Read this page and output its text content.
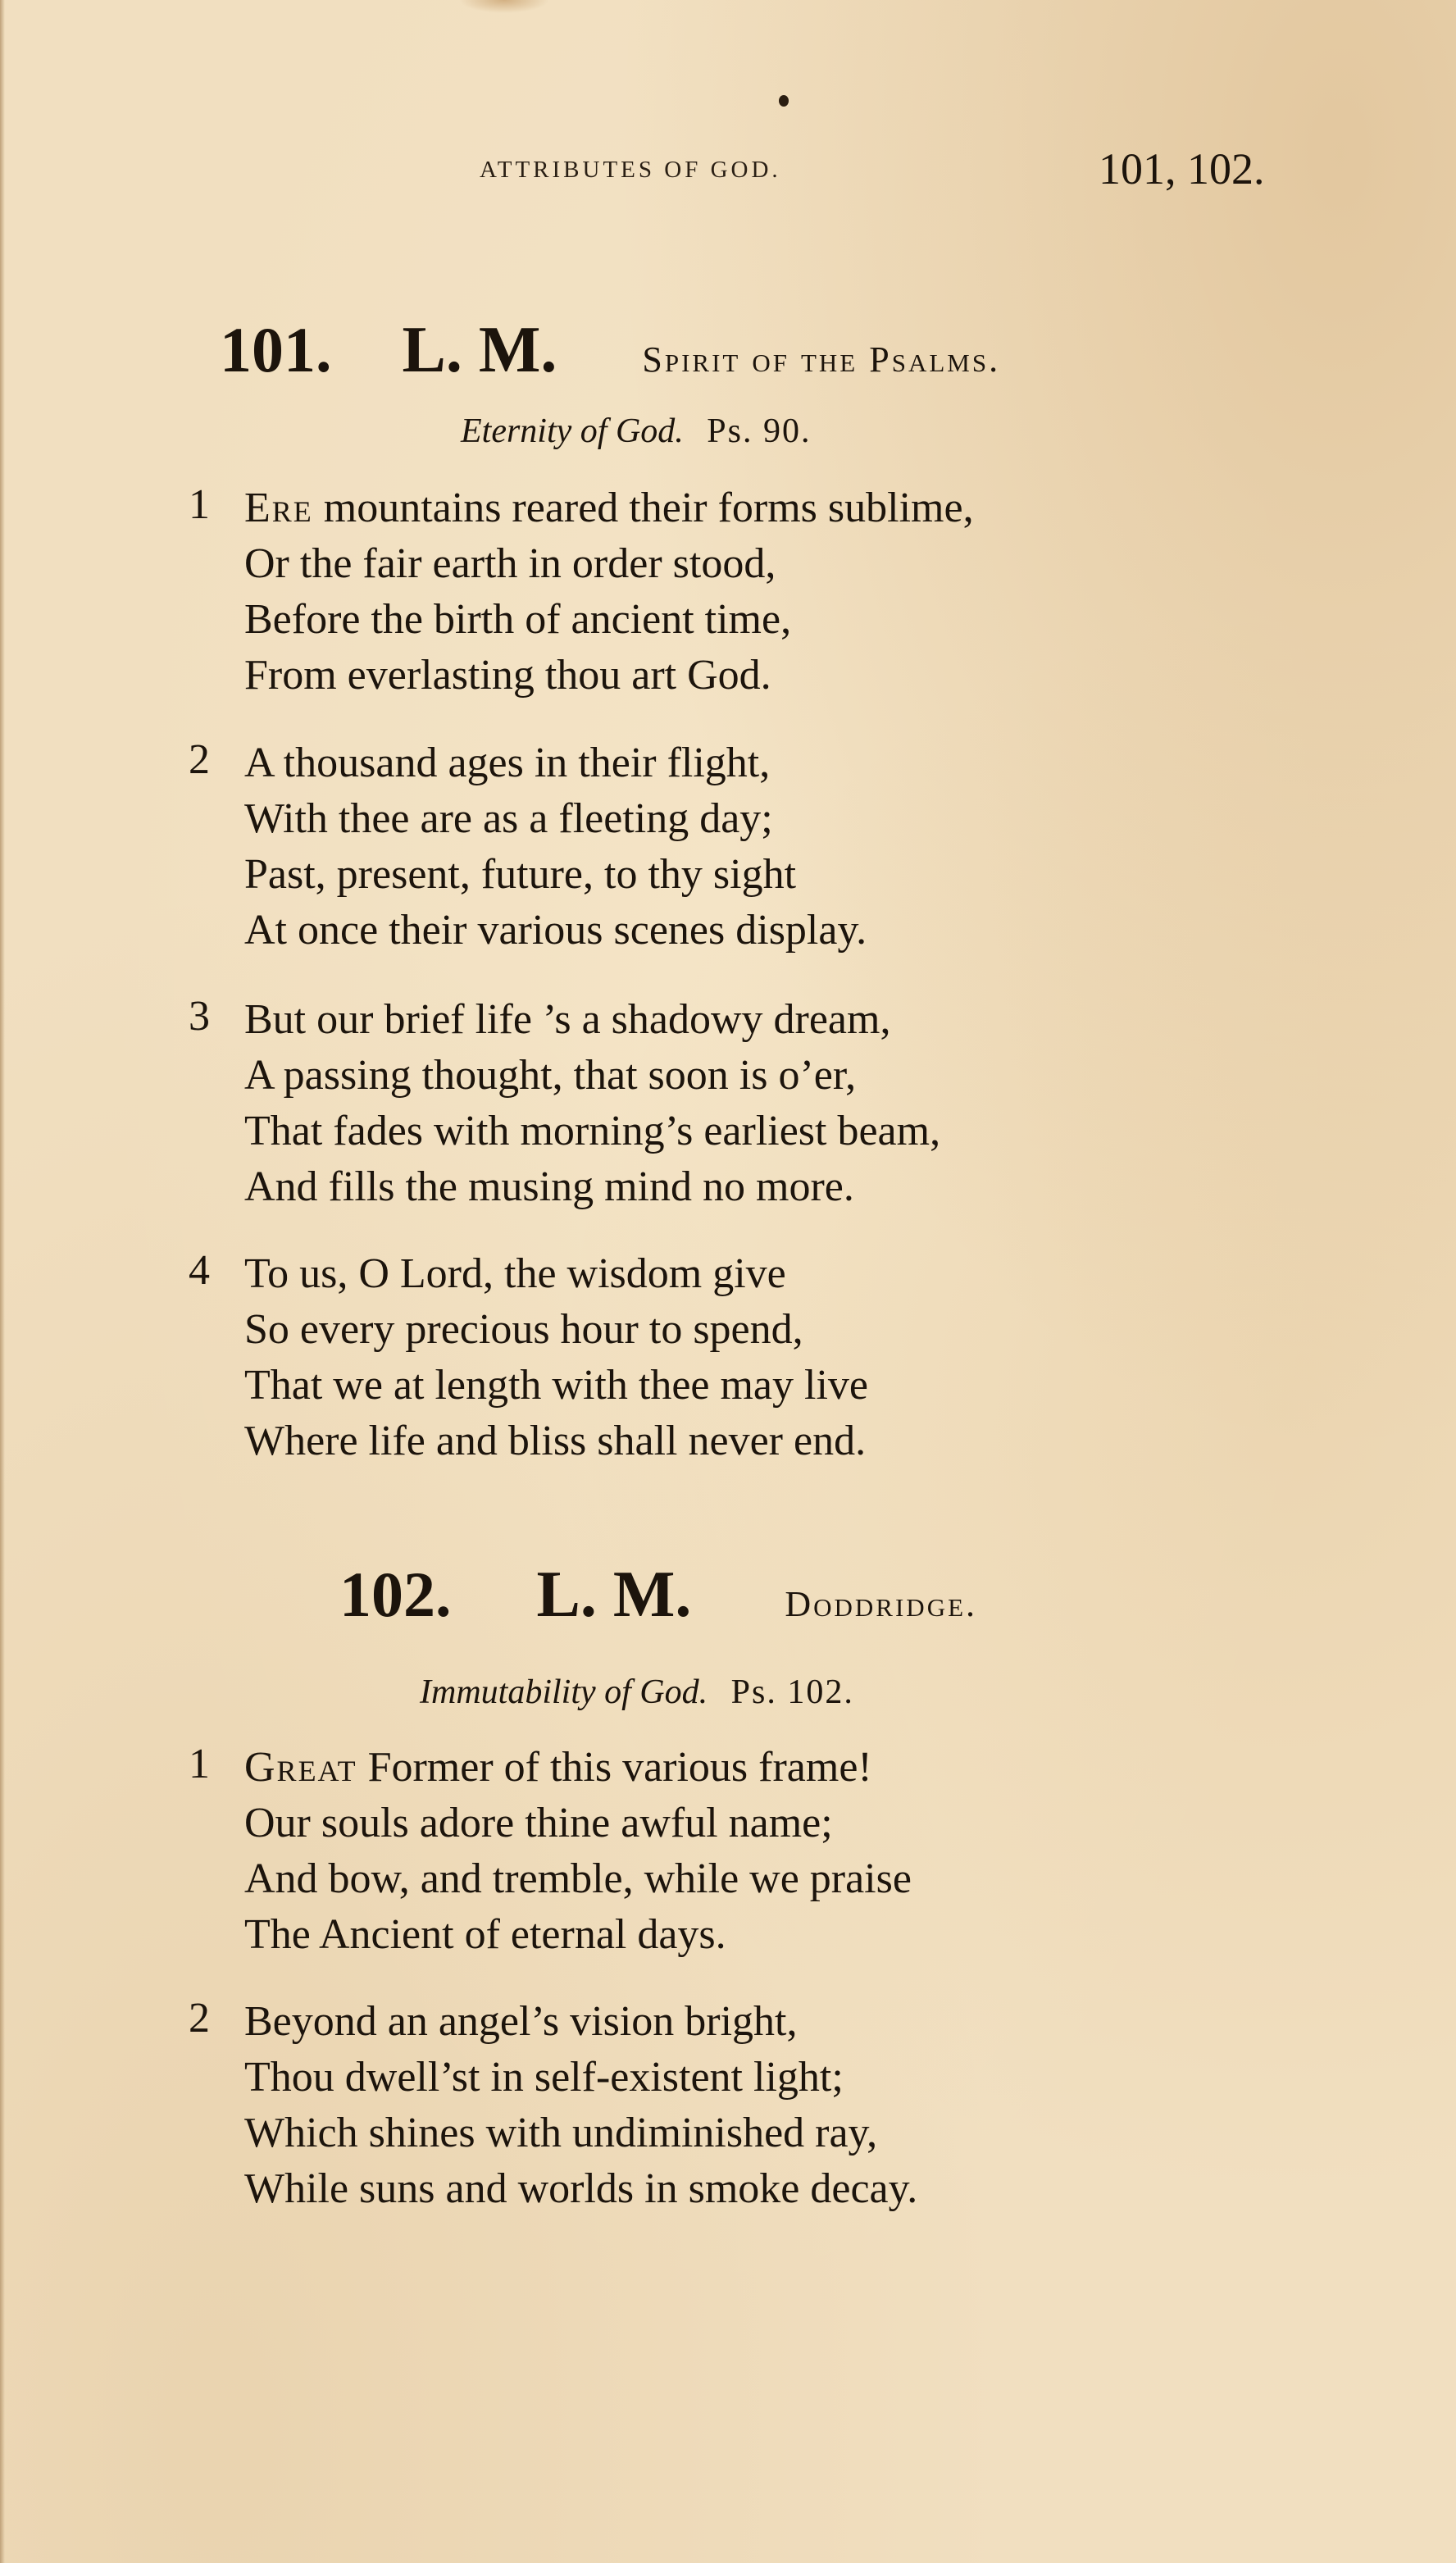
ATTRIBUTES OF GOD.	101, 102.
101. L. M. Spirit of the Psalms.
Eternity of God. Ps. 90.
1 Ere mountains reared their forms sublime,
Or the fair earth in order stood,
Before the birth of ancient time,
From everlasting thou art God.
2 A thousand ages in their flight,
With thee are as a fleeting day;
Past, present, future, to thy sight
At once their various scenes display.
3 But our brief life ’s a shadowy dream,
A passing thought, that soon is o’er,
That fades with morning’s earliest beam,
And fills the musing mind no more.
4 To us, O Lord, the wisdom give
So every precious hour to spend,
That we at length with thee may live
Where life and bliss shall never end.
102. L. M.	Doddridge.
Immutability of God. Ps. 102.
1 Great Former of this various frame!
Our souls adore thine awful name;
And bow, and tremble, while we praise
The Ancient of eternal days.
2 Beyond an angel’s vision bright,
Thou dwell’st in self-existent light;
Which shines with undiminished ray,
While suns and worlds in smoke decay.
